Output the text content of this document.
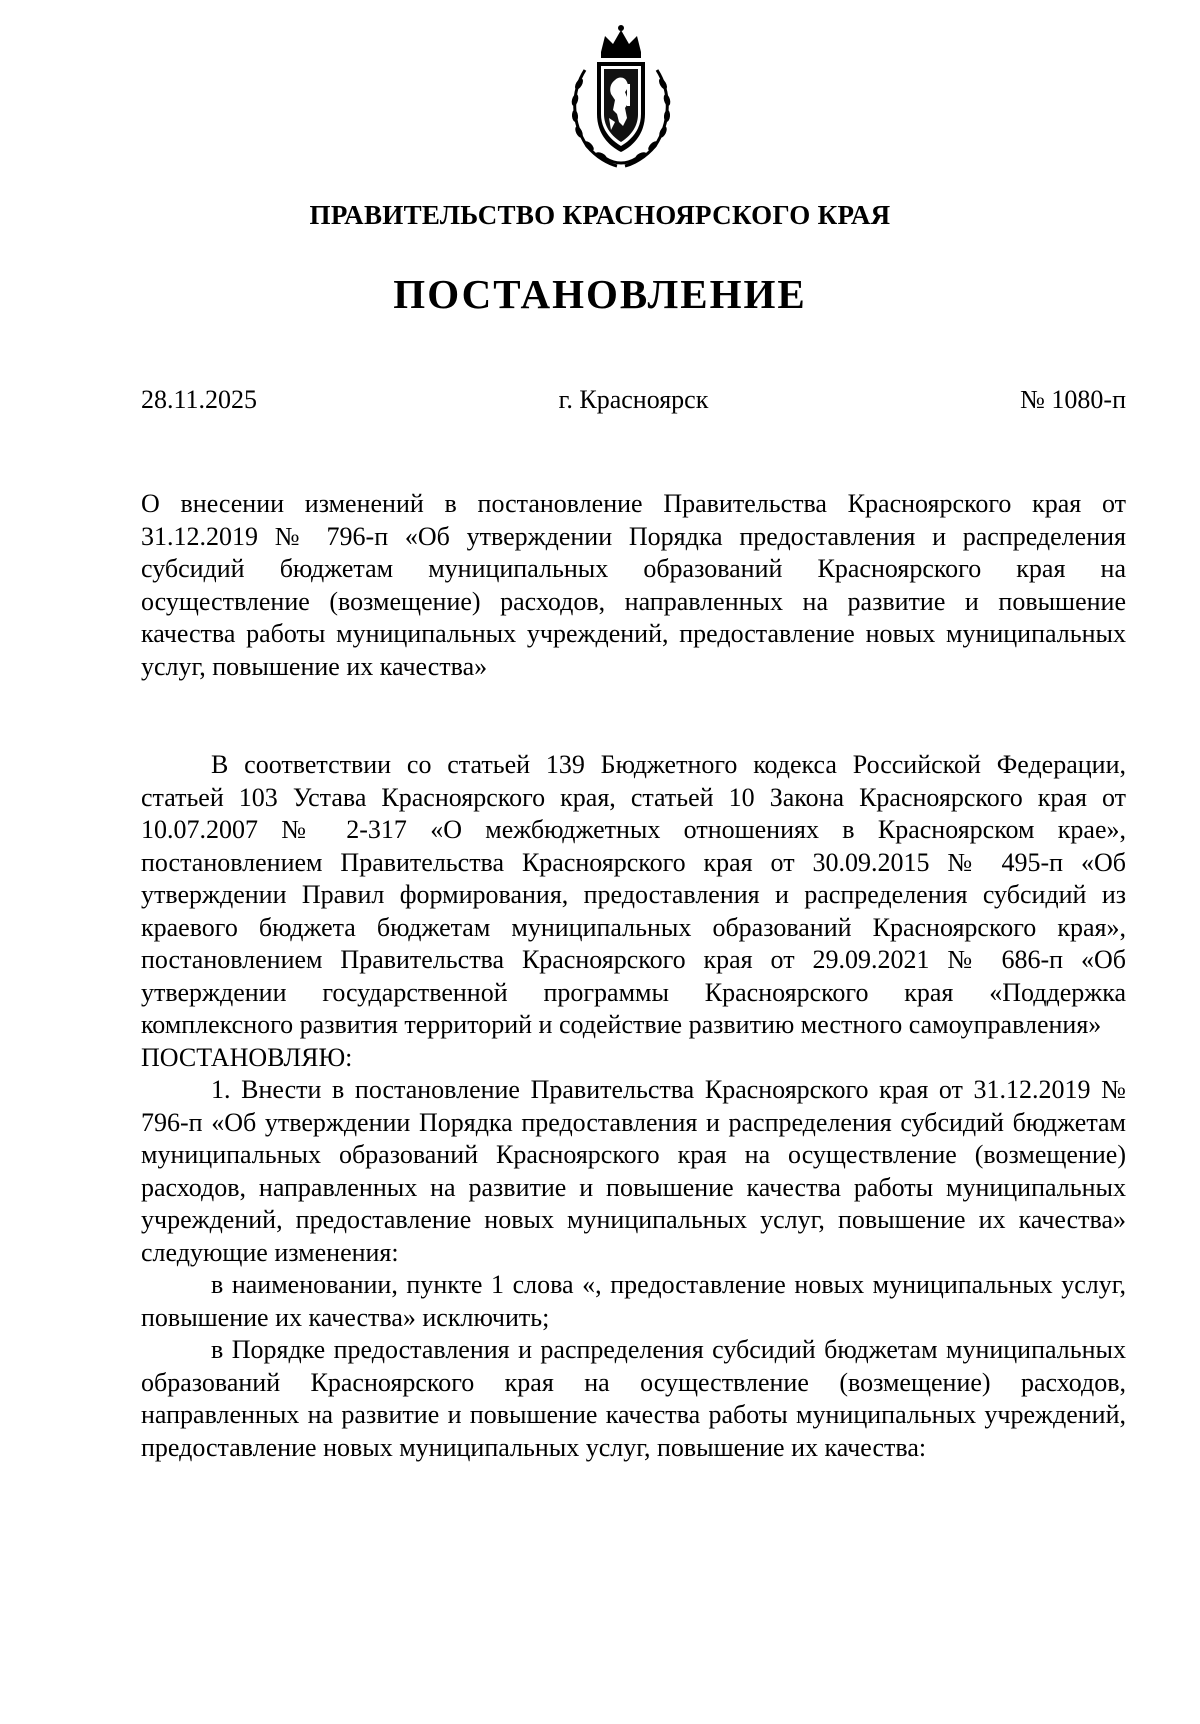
ПРАВИТЕЛЬСТВО КРАСНОЯРСКОГО КРАЯ
ПОСТАНОВЛЕНИЕ
28.11.2025	г. Красноярск	№ 1080-п

О внесении изменений в постановление Правительства Красноярского края от 31.12.2019 № 796-п «Об утверждении Порядка предоставления и распределения субсидий бюджетам муниципальных образований Красноярского края на осуществление (возмещение) расходов, направленных на развитие и повышение качества работы муниципальных учреждений, предоставление новых муниципальных услуг, повышение их качества»

В соответствии со статьей 139 Бюджетного кодекса Российской Федерации, статьей 103 Устава Красноярского края, статьей 10 Закона Красноярского края от 10.07.2007 № 2-317 «О межбюджетных отношениях в Красноярском крае», постановлением Правительства Красноярского края от 30.09.2015 № 495-п «Об утверждении Правил формирования, предоставления и распределения субсидий из краевого бюджета бюджетам муниципальных образований Красноярского края», постановлением Правительства Красноярского края от 29.09.2021 № 686-п «Об утверждении государственной программы Красноярского края «Поддержка комплексного развития территорий и содействие развитию местного самоуправления»

ПОСТАНОВЛЯЮ:

1. Внести в постановление Правительства Красноярского края от 31.12.2019 № 796-п «Об утверждении Порядка предоставления и распределения субсидий бюджетам муниципальных образований Красноярского края на осуществление (возмещение) расходов, направленных на развитие и повышение качества работы муниципальных учреждений, предоставление новых муниципальных услуг, повышение их качества» следующие изменения:

в наименовании, пункте 1 слова «, предоставление новых муниципальных услуг, повышение их качества» исключить;

в Порядке предоставления и распределения субсидий бюджетам муниципальных образований Красноярского края на осуществление (возмещение) расходов, направленных на развитие и повышение качества работы муниципальных учреждений, предоставление новых муниципальных услуг, повышение их качества:
